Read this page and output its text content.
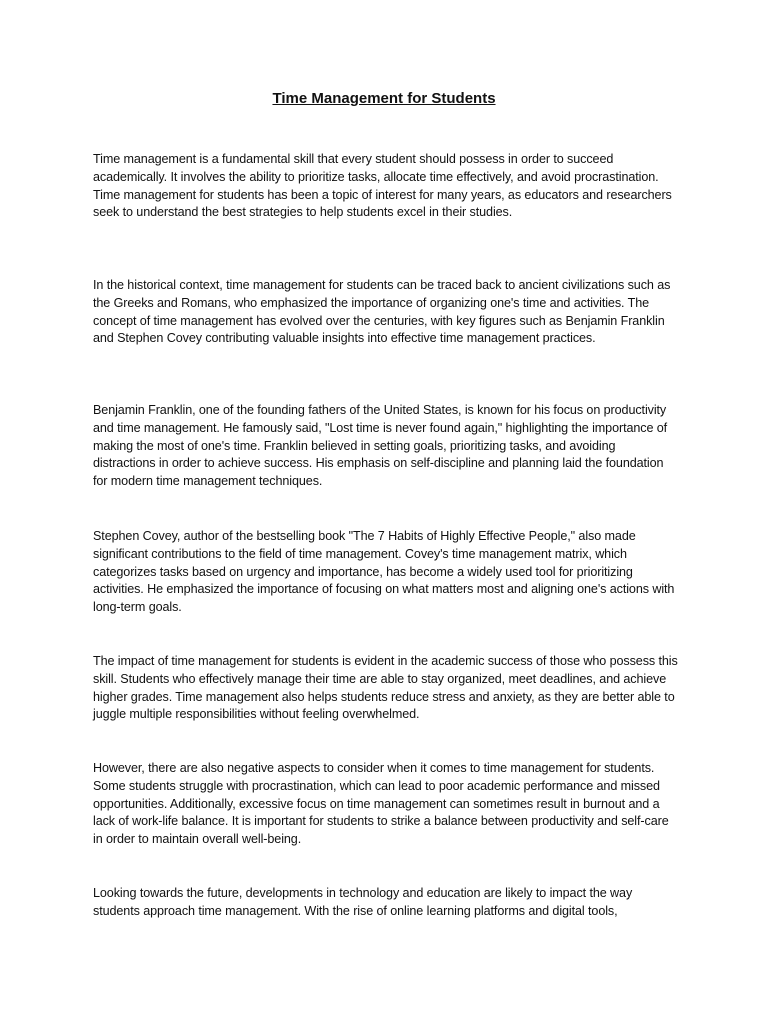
Time Management for Students

Time management is a fundamental skill that every student should possess in order to succeed academically. It involves the ability to prioritize tasks, allocate time effectively, and avoid procrastination. Time management for students has been a topic of interest for many years, as educators and researchers seek to understand the best strategies to help students excel in their studies.

In the historical context, time management for students can be traced back to ancient civilizations such as the Greeks and Romans, who emphasized the importance of organizing one's time and activities. The concept of time management has evolved over the centuries, with key figures such as Benjamin Franklin and Stephen Covey contributing valuable insights into effective time management practices.

Benjamin Franklin, one of the founding fathers of the United States, is known for his focus on productivity and time management. He famously said, "Lost time is never found again," highlighting the importance of making the most of one's time. Franklin believed in setting goals, prioritizing tasks, and avoiding distractions in order to achieve success. His emphasis on self-discipline and planning laid the foundation for modern time management techniques.

Stephen Covey, author of the bestselling book "The 7 Habits of Highly Effective People," also made significant contributions to the field of time management. Covey's time management matrix, which categorizes tasks based on urgency and importance, has become a widely used tool for prioritizing activities. He emphasized the importance of focusing on what matters most and aligning one's actions with long-term goals.

The impact of time management for students is evident in the academic success of those who possess this skill. Students who effectively manage their time are able to stay organized, meet deadlines, and achieve higher grades. Time management also helps students reduce stress and anxiety, as they are better able to juggle multiple responsibilities without feeling overwhelmed.

However, there are also negative aspects to consider when it comes to time management for students. Some students struggle with procrastination, which can lead to poor academic performance and missed opportunities. Additionally, excessive focus on time management can sometimes result in burnout and a lack of work-life balance. It is important for students to strike a balance between productivity and self-care in order to maintain overall well-being.

Looking towards the future, developments in technology and education are likely to impact the way students approach time management. With the rise of online learning platforms and digital tools,
